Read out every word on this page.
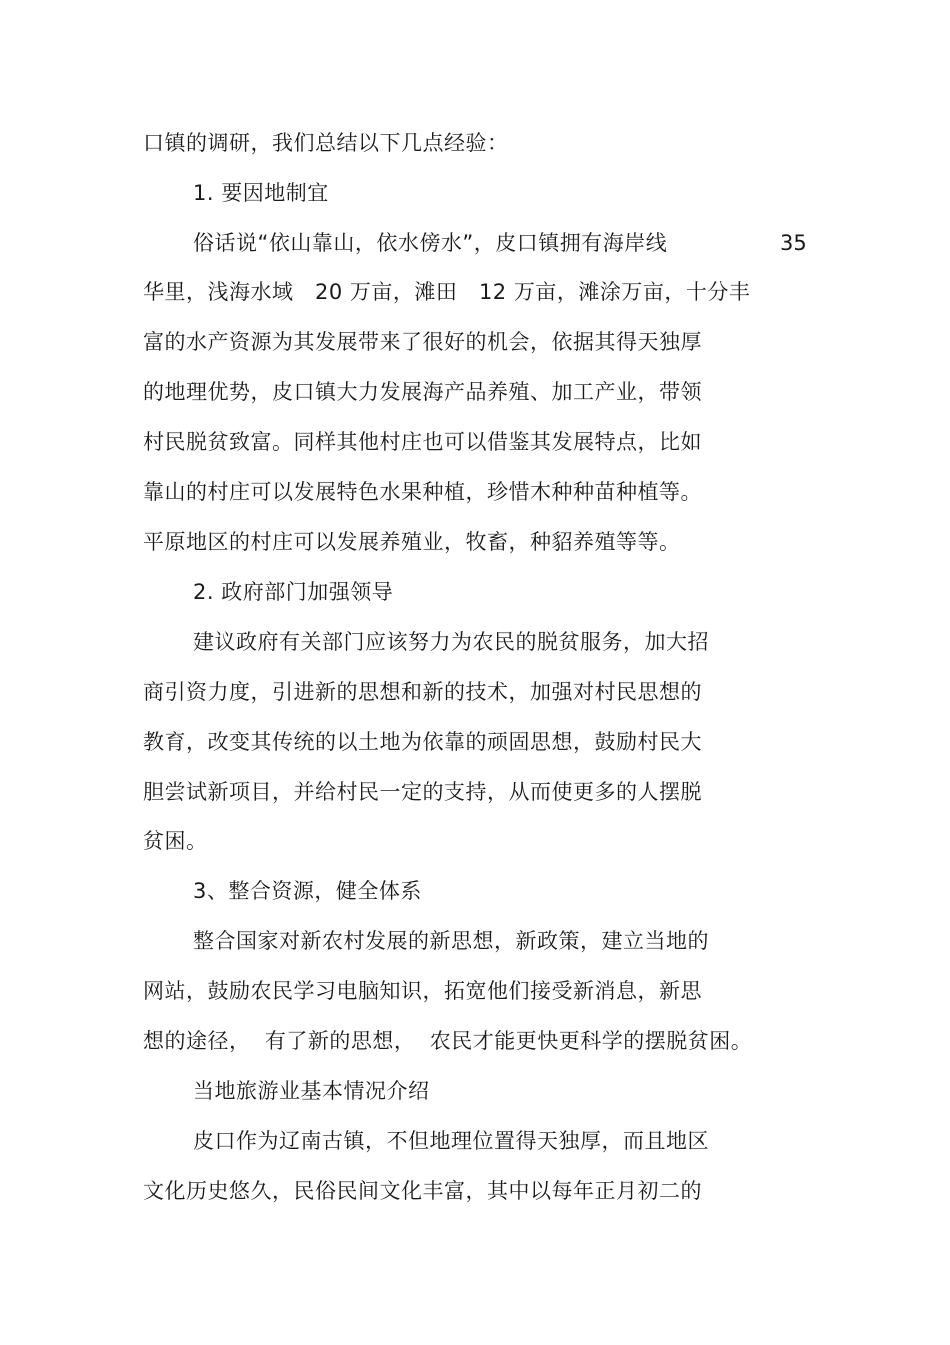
口镇的调研，我们总结以下几点经验：
1. 要因地制宜
俗话说“依山靠山，依水傍水”，皮口镇拥有海岸线	35
华里，浅海水域   20 万亩，滩田   12 万亩，滩涂万亩，十分丰
富的水产资源为其发展带来了很好的机会，依据其得天独厚
的地理优势，皮口镇大力发展海产品养殖、加工产业，带领
村民脱贫致富。同样其他村庄也可以借鉴其发展特点，比如
靠山的村庄可以发展特色水果种植，珍惜木种种苗种植等。
平原地区的村庄可以发展养殖业，牧畜，种貂养殖等等。
2. 政府部门加强领导
建议政府有关部门应该努力为农民的脱贫服务，加大招
商引资力度，引进新的思想和新的技术，加强对村民思想的
教育，改变其传统的以土地为依靠的顽固思想，鼓励村民大
胆尝试新项目，并给村民一定的支持，从而使更多的人摆脱
贫困。
3、整合资源，健全体系
整合国家对新农村发展的新思想，新政策，建立当地的
网站，鼓励农民学习电脑知识，拓宽他们接受新消息，新思
想的途径，  有了新的思想，  农民才能更快更科学的摆脱贫困。
当地旅游业基本情况介绍
皮口作为辽南古镇，不但地理位置得天独厚，而且地区
文化历史悠久，民俗民间文化丰富，其中以每年正月初二的
